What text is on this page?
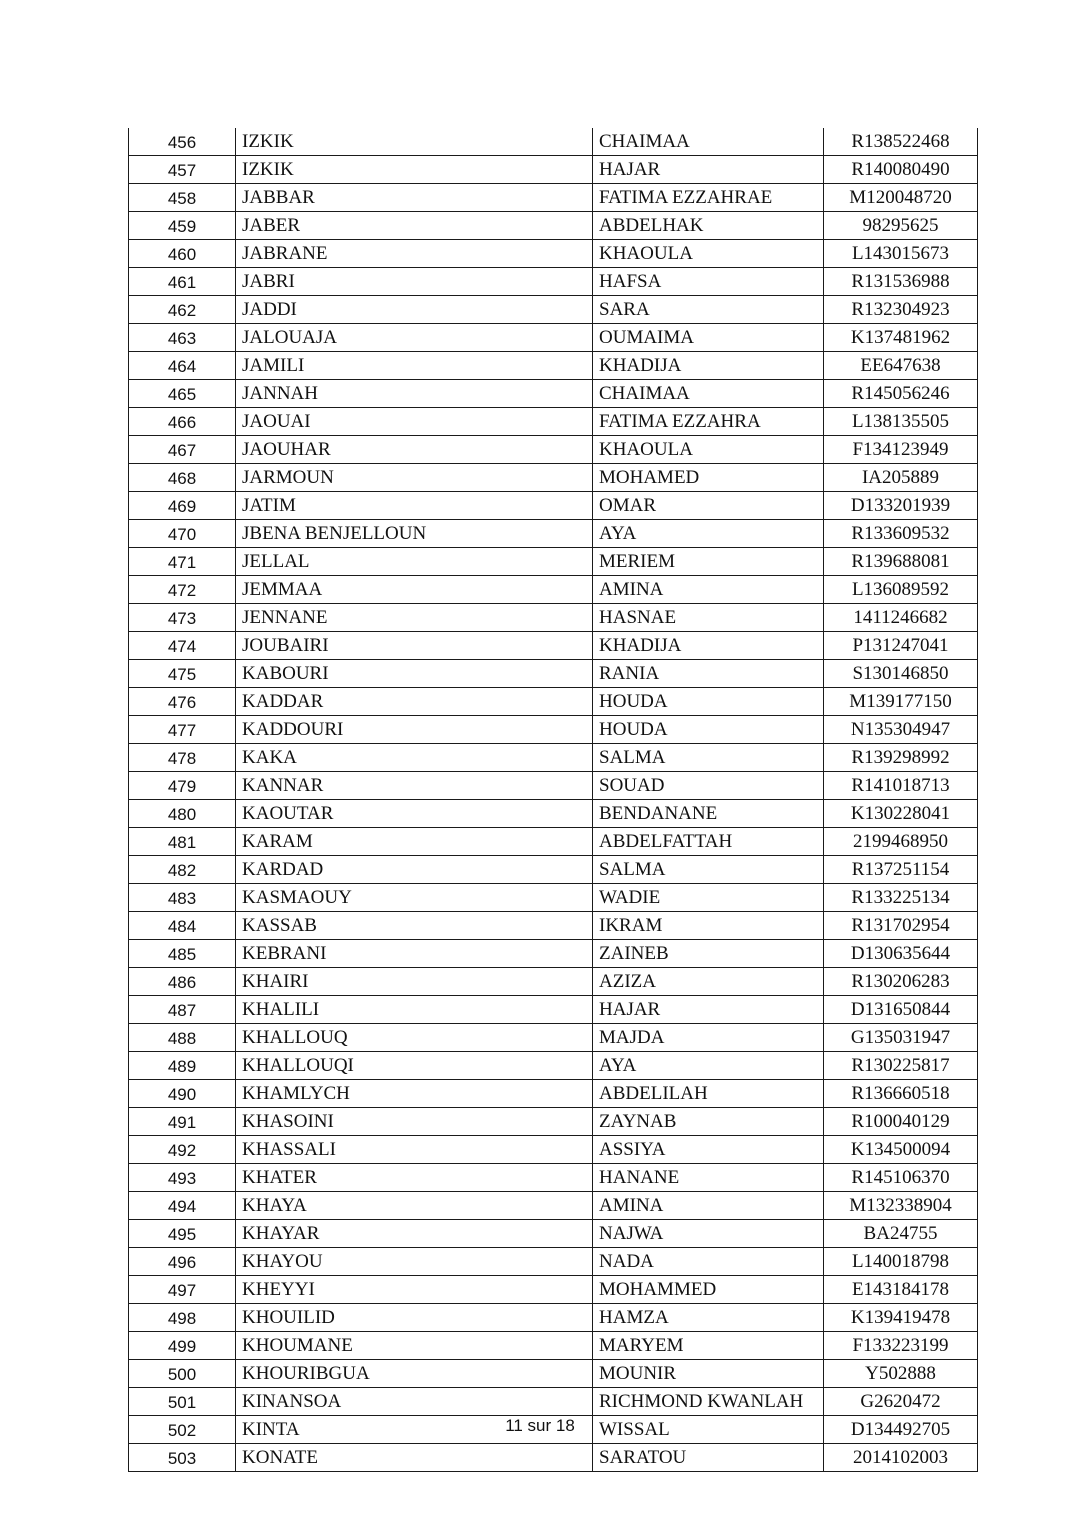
456	IZKIK	CHAIMAA	R138522468
457	IZKIK	HAJAR	R140080490
458	JABBAR	FATIMA EZZAHRAE	M120048720
459	JABER	ABDELHAK	98295625
460	JABRANE	KHAOULA	L143015673
461	JABRI	HAFSA	R131536988
462	JADDI	SARA	R132304923
463	JALOUAJA	OUMAIMA	K137481962
464	JAMILI	KHADIJA	EE647638
465	JANNAH	CHAIMAA	R145056246
466	JAOUAI	FATIMA EZZAHRA	L138135505
467	JAOUHAR	KHAOULA	F134123949
468	JARMOUN	MOHAMED	IA205889
469	JATIM	OMAR	D133201939
470	JBENA BENJELLOUN	AYA	R133609532
471	JELLAL	MERIEM	R139688081
472	JEMMAA	AMINA	L136089592
473	JENNANE	HASNAE	1411246682
474	JOUBAIRI	KHADIJA	P131247041
475	KABOURI	RANIA	S130146850
476	KADDAR	HOUDA	M139177150
477	KADDOURI	HOUDA	N135304947
478	KAKA	SALMA	R139298992
479	KANNAR	SOUAD	R141018713
480	KAOUTAR	BENDANANE	K130228041
481	KARAM	ABDELFATTAH	2199468950
482	KARDAD	SALMA	R137251154
483	KASMAOUY	WADIE	R133225134
484	KASSAB	IKRAM	R131702954
485	KEBRANI	ZAINEB	D130635644
486	KHAIRI	AZIZA	R130206283
487	KHALILI	HAJAR	D131650844
488	KHALLOUQ	MAJDA	G135031947
489	KHALLOUQI	AYA	R130225817
490	KHAMLYCH	ABDELILAH	R136660518
491	KHASOINI	ZAYNAB	R100040129
492	KHASSALI	ASSIYA	K134500094
493	KHATER	HANANE	R145106370
494	KHAYA	AMINA	M132338904
495	KHAYAR	NAJWA	BA24755
496	KHAYOU	NADA	L140018798
497	KHEYYI	MOHAMMED	E143184178
498	KHOUILID	HAMZA	K139419478
499	KHOUMANE	MARYEM	F133223199
500	KHOURIBGUA	MOUNIR	Y502888
501	KINANSOA	RICHMOND KWANLAH	G2620472
502	KINTA	WISSAL	D134492705
503	KONATE	SARATOU	2014102003
11 sur 18
